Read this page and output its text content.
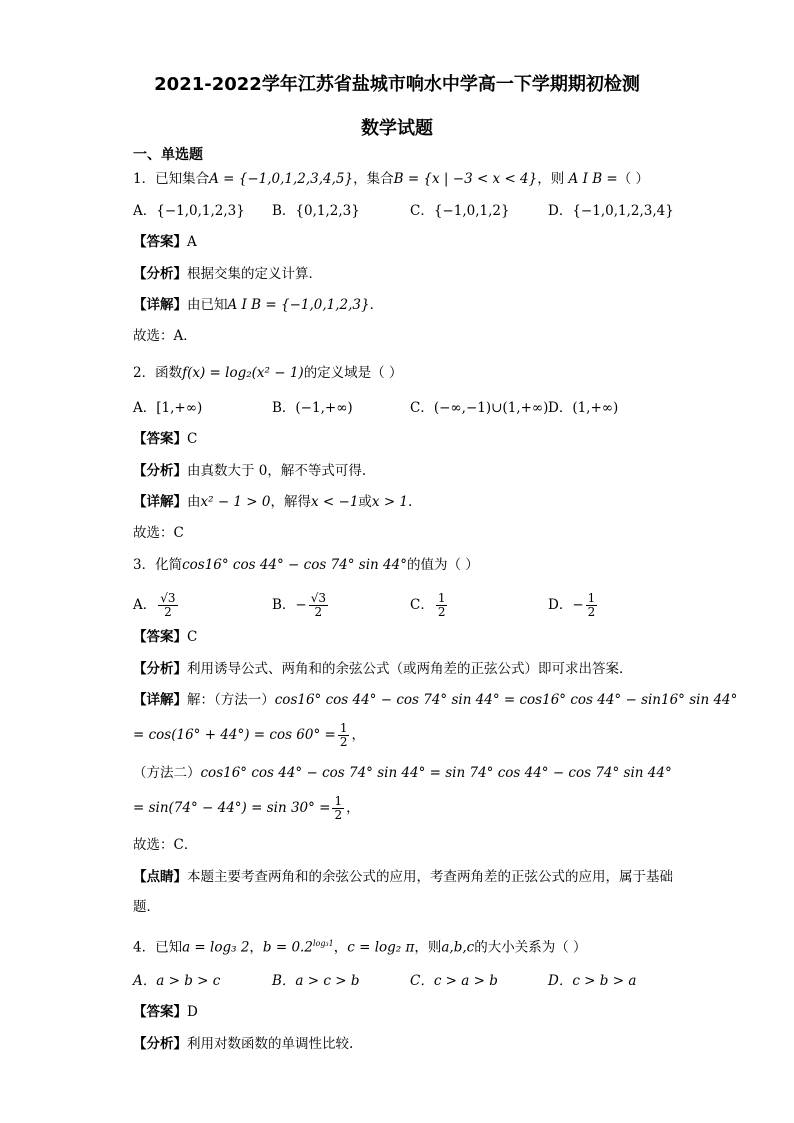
2021-2022学年江苏省盐城市响水中学高一下学期期初检测
数学试题
一、单选题
1．已知集合A = {−1,0,1,2,3,4,5}，集合B = {x | −3 < x < 4}，则 A I B =（ ）
A．{−1,0,1,2,3} B．{0,1,2,3}	C．{−1,0,1,2}	D．{−1,0,1,2,3,4}
【答案】A
【分析】根据交集的定义计算．
【详解】由已知A I B = {−1,0,1,2,3}．
故选：A．
2．函数f(x) = log₂(x² − 1)的定义域是（ ）
A．[1,+∞)	B．(−1,+∞)	C．(−∞,−1)∪(1,+∞) D．(1,+∞)
【答案】C
【分析】由真数大于 0，解不等式可得.
【详解】由x² − 1 > 0，解得x < −1或x > 1.
故选：C
3．化简cos16° cos 44° − cos 74° sin 44°的值为（ ）
A． $\frac{√3}{2}$	B．− $\frac{√3}{2}$	C． $\frac{1}{2}$	D．− $\frac{1}{2}$
【答案】C
【分析】利用诱导公式、两角和的余弦公式（或两角差的正弦公式）即可求出答案．
【详解】解：（方法一）cos16° cos 44° − cos 74° sin 44° = cos16° cos 44° − sin16° sin 44°
= $\cos(16^\circ + 44^\circ) = \cos 60^\circ = \frac{1}{2}$ ，
（方法二）cos16° cos 44° − cos 74° sin 44° = sin 74° cos 44° − cos 74° sin 44°
= $\sin(74^\circ - 44^\circ) = \sin 30^\circ = \frac{1}{2}$ ，
故选：C．
【点睛】本题主要考查两角和的余弦公式的应用，考查两角差的正弦公式的应用，属于基础题．
4．已知a = log₃ 2，$b = 0.2^{log_31}$，c = log₂ π，则a,b,c的大小关系为（ ）
A．a > b > c	B．a > c > b	C．c > a > b	D．c > b > a
【答案】D
【分析】利用对数函数的单调性比较.
